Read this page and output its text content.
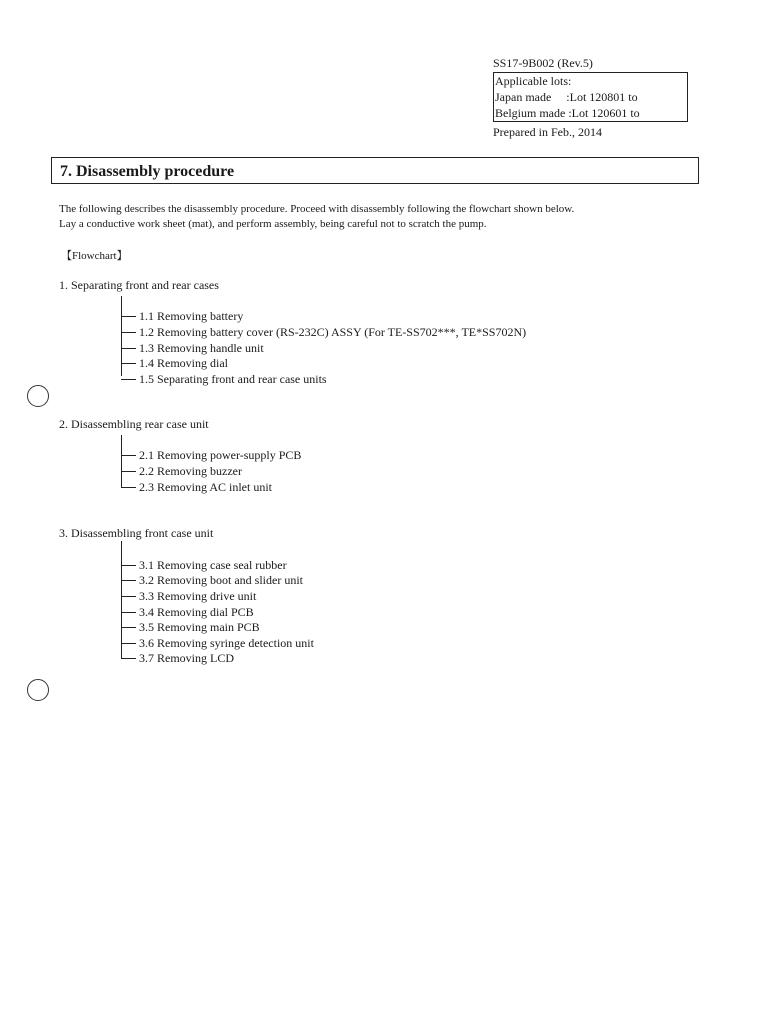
SS17-9B002 (Rev.5)
Applicable lots:
Japan made     :Lot 120801 to
Belgium made :Lot 120601 to
Prepared in Feb., 2014
7. Disassembly procedure
The following describes the disassembly procedure. Proceed with disassembly following the flowchart shown below.
Lay a conductive work sheet (mat), and perform assembly, being careful not to scratch the pump.
【Flowchart】
1. Separating front and rear cases
1.1 Removing battery
1.2 Removing battery cover (RS-232C) ASSY (For TE-SS702***, TE*SS702N)
1.3 Removing handle unit
1.4 Removing dial
1.5 Separating front and rear case units
2. Disassembling rear case unit
2.1 Removing power-supply PCB
2.2 Removing buzzer
2.3 Removing AC inlet unit
3. Disassembling front case unit
3.1 Removing case seal rubber
3.2 Removing boot and slider unit
3.3 Removing drive unit
3.4 Removing dial PCB
3.5 Removing main PCB
3.6 Removing syringe detection unit
3.7 Removing LCD
